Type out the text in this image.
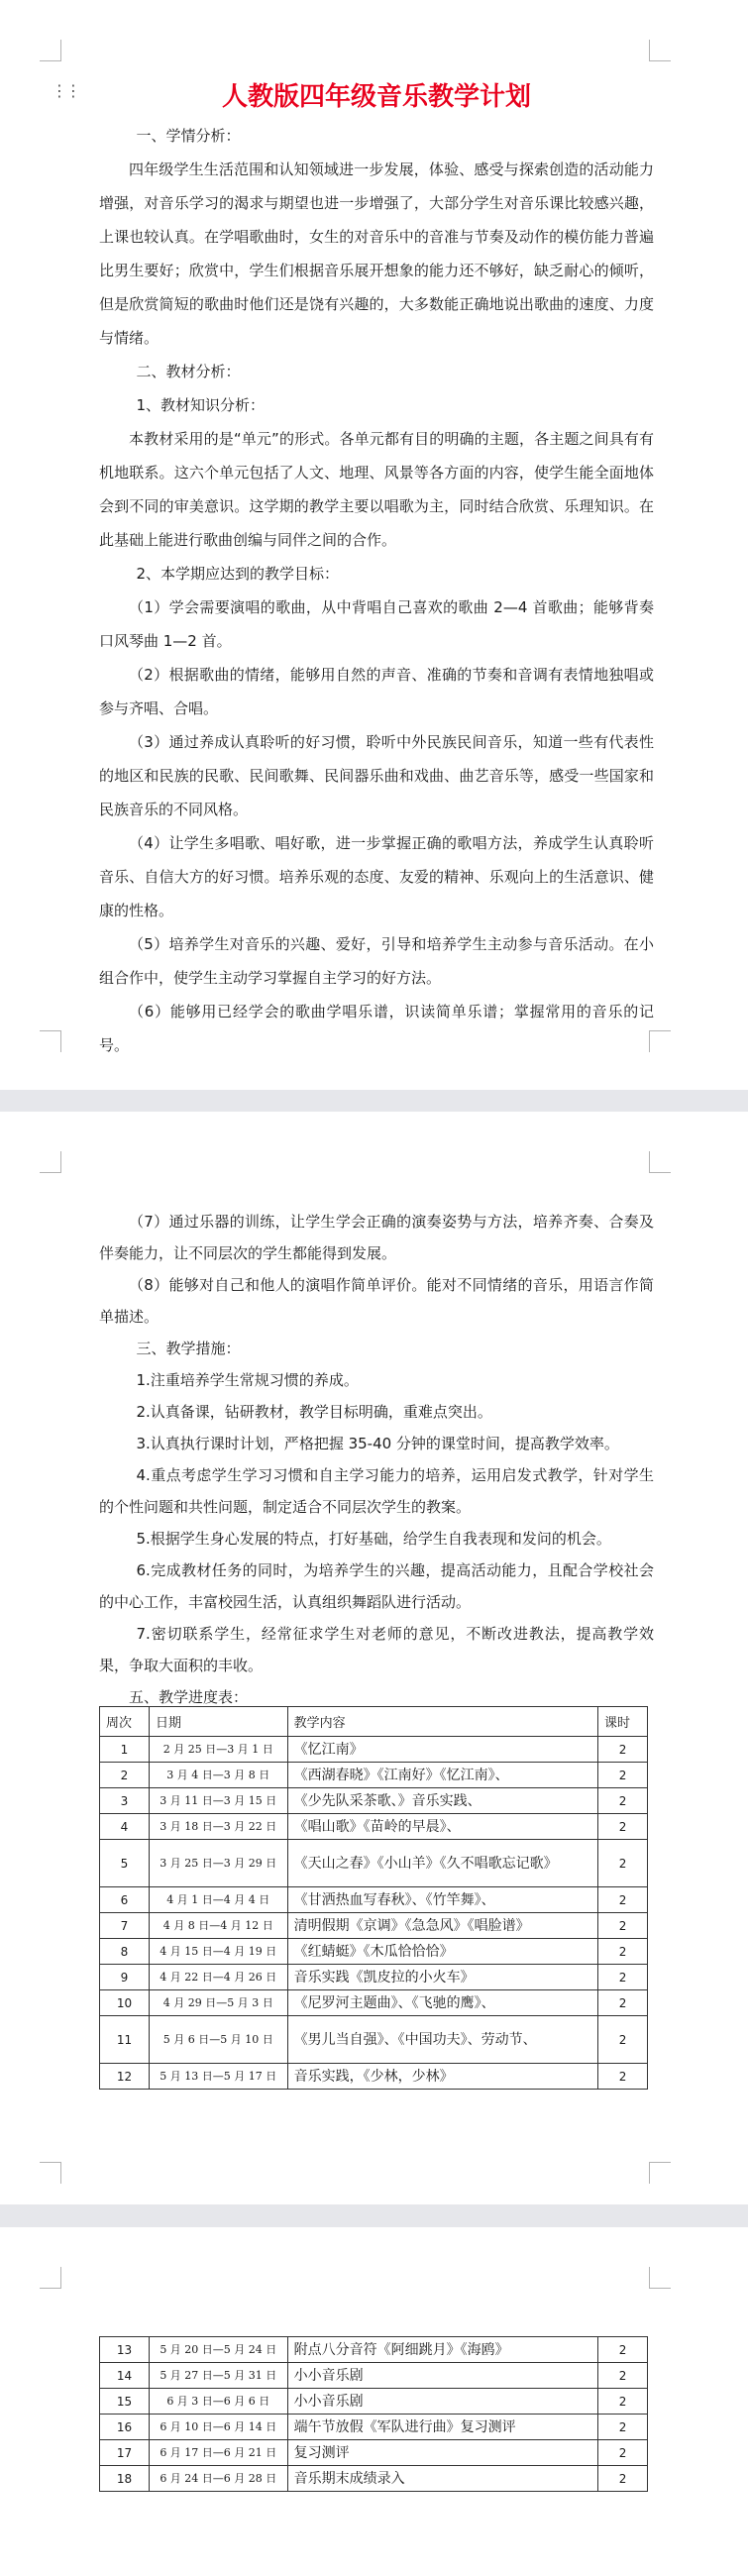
⋮⋮	人教版四年级音乐教学计划

一、学情分析：

四年级学生生活范围和认知领域进一步发展，体验、感受与探索创造的活动能力增强，对音乐学习的渴求与期望也进一步增强了，大部分学生对音乐课比较感兴趣，上课也较认真。在学唱歌曲时，女生的对音乐中的音准与节奏及动作的模仿能力普遍比男生要好；欣赏中，学生们根据音乐展开想象的能力还不够好，缺乏耐心的倾听，但是欣赏简短的歌曲时他们还是饶有兴趣的，大多数能正确地说出歌曲的速度、力度与情绪。

二、教材分析：

1、教材知识分析：

本教材采用的是“单元”的形式。各单元都有目的明确的主题，各主题之间具有有机地联系。这六个单元包括了人文、地理、风景等各方面的内容，使学生能全面地体会到不同的审美意识。这学期的教学主要以唱歌为主，同时结合欣赏、乐理知识。在此基础上能进行歌曲创编与同伴之间的合作。

2、本学期应达到的教学目标：

（1）学会需要演唱的歌曲，从中背唱自己喜欢的歌曲 2—4 首歌曲；能够背奏口风琴曲 1—2 首。

（2）根据歌曲的情绪，能够用自然的声音、准确的节奏和音调有表情地独唱或参与齐唱、合唱。

（3）通过养成认真聆听的好习惯，聆听中外民族民间音乐，知道一些有代表性的地区和民族的民歌、民间歌舞、民间器乐曲和戏曲、曲艺音乐等，感受一些国家和民族音乐的不同风格。

（4）让学生多唱歌、唱好歌，进一步掌握正确的歌唱方法，养成学生认真聆听音乐、自信大方的好习惯。培养乐观的态度、友爱的精神、乐观向上的生活意识、健康的性格。

（5）培养学生对音乐的兴趣、爱好，引导和培养学生主动参与音乐活动。在小组合作中，使学生主动学习掌握自主学习的好方法。

（6）能够用已经学会的歌曲学唱乐谱，识读简单乐谱；掌握常用的音乐的记号。

（7）通过乐器的训练，让学生学会正确的演奏姿势与方法，培养齐奏、合奏及伴奏能力，让不同层次的学生都能得到发展。

（8）能够对自己和他人的演唱作简单评价。能对不同情绪的音乐，用语言作简单描述。

三、教学措施：

1.注重培养学生常规习惯的养成。

2.认真备课，钻研教材，教学目标明确，重难点突出。

3.认真执行课时计划，严格把握 35-40 分钟的课堂时间，提高教学效率。

4.重点考虑学生学习习惯和自主学习能力的培养，运用启发式教学，针对学生的个性问题和共性问题，制定适合不同层次学生的教案。

5.根据学生身心发展的特点，打好基础，给学生自我表现和发问的机会。

6.完成教材任务的同时，为培养学生的兴趣，提高活动能力，且配合学校社会的中心工作，丰富校园生活，认真组织舞蹈队进行活动。

7.密切联系学生，经常征求学生对老师的意见，不断改进教法，提高教学效果，争取大面积的丰收。

五、教学进度表：

周次	日期	教学内容	课时
1	2 月 25 日—3 月 1 日	《忆江南》	2
2	3 月 4 日—3 月 8 日	《西湖春晓》《江南好》《忆江南》、	2
3	3 月 11 日—3 月 15 日	《少先队采茶歌、》音乐实践、	2
4	3 月 18 日—3 月 22 日	《唱山歌》《苗岭的早晨》、	2
5	3 月 25 日—3 月 29 日	《天山之春》《小山羊》《久不唱歌忘记歌》	2
6	4 月 1 日—4 月 4 日	《甘洒热血写春秋》、《竹竿舞》、	2
7	4 月 8 日—4 月 12 日	清明假期《京调》《急急风》《唱脸谱》	2
8	4 月 15 日—4 月 19 日	《红蜻蜓》《木瓜恰恰恰》	2
9	4 月 22 日—4 月 26 日	音乐实践《凯皮拉的小火车》	2
10	4 月 29 日—5 月 3 日	《尼罗河主题曲》、《飞驰的鹰》、	2
11	5 月 6 日—5 月 10 日	《男儿当自强》、《中国功夫》、劳动节、	2
12	5 月 13 日—5 月 17 日	音乐实践，《少林，少林》	2
13	5 月 20 日—5 月 24 日	附点八分音符《阿细跳月》《海鸥》	2
14	5 月 27 日—5 月 31 日	小小音乐剧	2
15	6 月 3 日—6 月 6 日	小小音乐剧	2
16	6 月 10 日—6 月 14 日	端午节放假《军队进行曲》复习测评	2
17	6 月 17 日—6 月 21 日	复习测评	2
18	6 月 24 日—6 月 28 日	音乐期末成绩录入	2
